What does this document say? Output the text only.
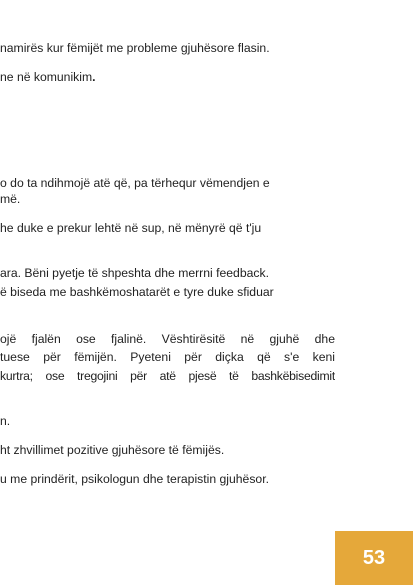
namirës kur fëmijët me probleme gjuhësore flasin.

ne në komunikim.

o do ta ndihmojë atë që, pa tërhequr vëmendjen e

më.

he duke e prekur lehtë në sup, në mënyrë që t'ju

ara. Bëni pyetje të shpeshta dhe merrni feedback.

ë biseda me bashkëmoshatarët e tyre duke sfiduar

ojë fjalën ose fjalinë. Vështirësitë në gjuhë dhe

tuese për fëmijën. Pyeteni për diçka që s'e keni

kurtra; ose tregojini për atë pjesë të bashkëbisedimit

n.

ht zhvillimet pozitive gjuhësore të fëmijës.

u me prindërit, psikologun dhe terapistin gjuhësor.

53
